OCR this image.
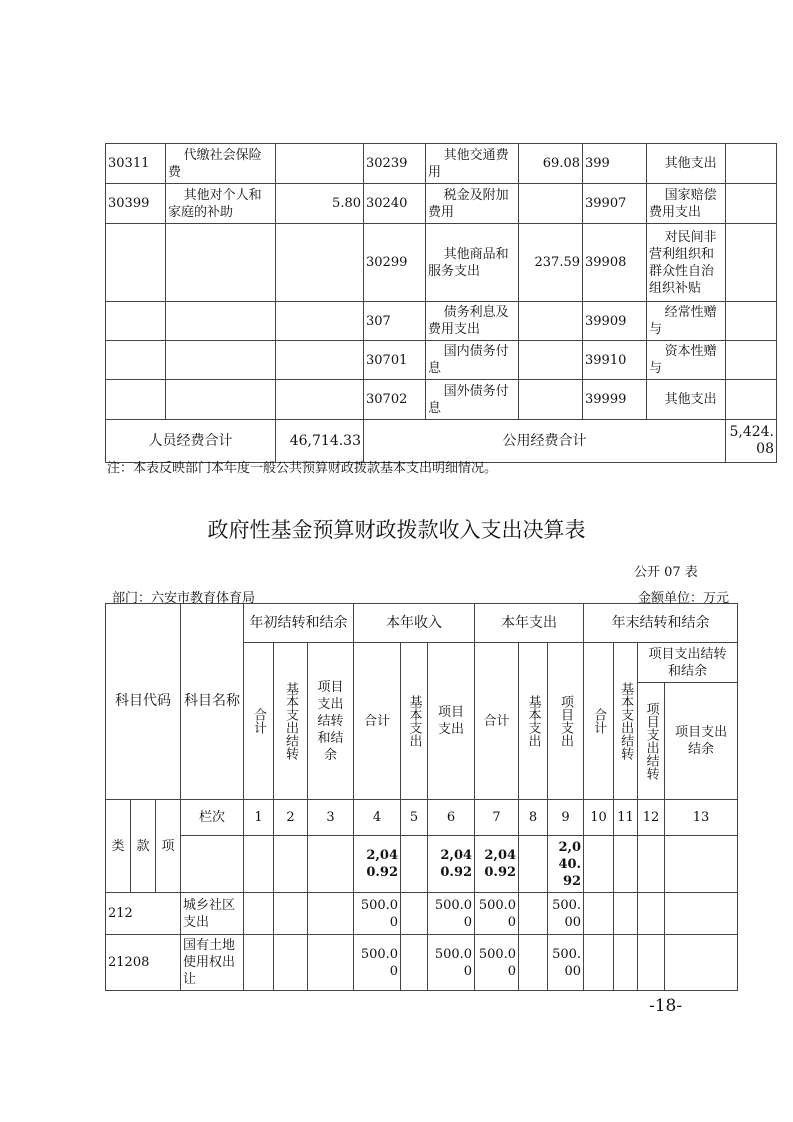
30311	代缴社会保险费		30239	其他交通费用	69.08	399	其他支出	
30399	其他对个人和家庭的补助	5.80	30240	税金及附加费用		39907	国家赔偿费用支出	
			30299	其他商品和服务支出	237.59	39908	对民间非营利组织和群众性自治组织补贴	
			307	债务利息及费用支出		39909	经常性赠与	
			30701	国内债务付息		39910	资本性赠与	
			30702	国外债务付息		39999	其他支出	
人员经费合计		46,714.33	公用经费合计					5,424.08
注：本表反映部门本年度一般公共预算财政拨款基本支出明细情况。
政府性基金预算财政拨款收入支出决算表
公开 07 表
部门：六安市教育体育局	金额单位：万元
科目代码			科目名称	年初结转和结余			本年收入			本年支出			年末结转和结余			

				合计	基本支出结转	项目支出结转和结余	合计	基本支出	项目支出	合计	基本支出	项目支出	合计	基本支出结转	项目支出结转和结余	

															项目支出结转	项目支出结余
类	款	项	栏次	1	2	3	4	5	6	7	8	9	10	11	12	13
							2,040.92		2,040.92	2,040.92		2,040.92				
212			城乡社区支出				500.00		500.00	500.00		500.00				
21208			国有土地使用权出让				500.00		500.00	500.00		500.00				
-18-
